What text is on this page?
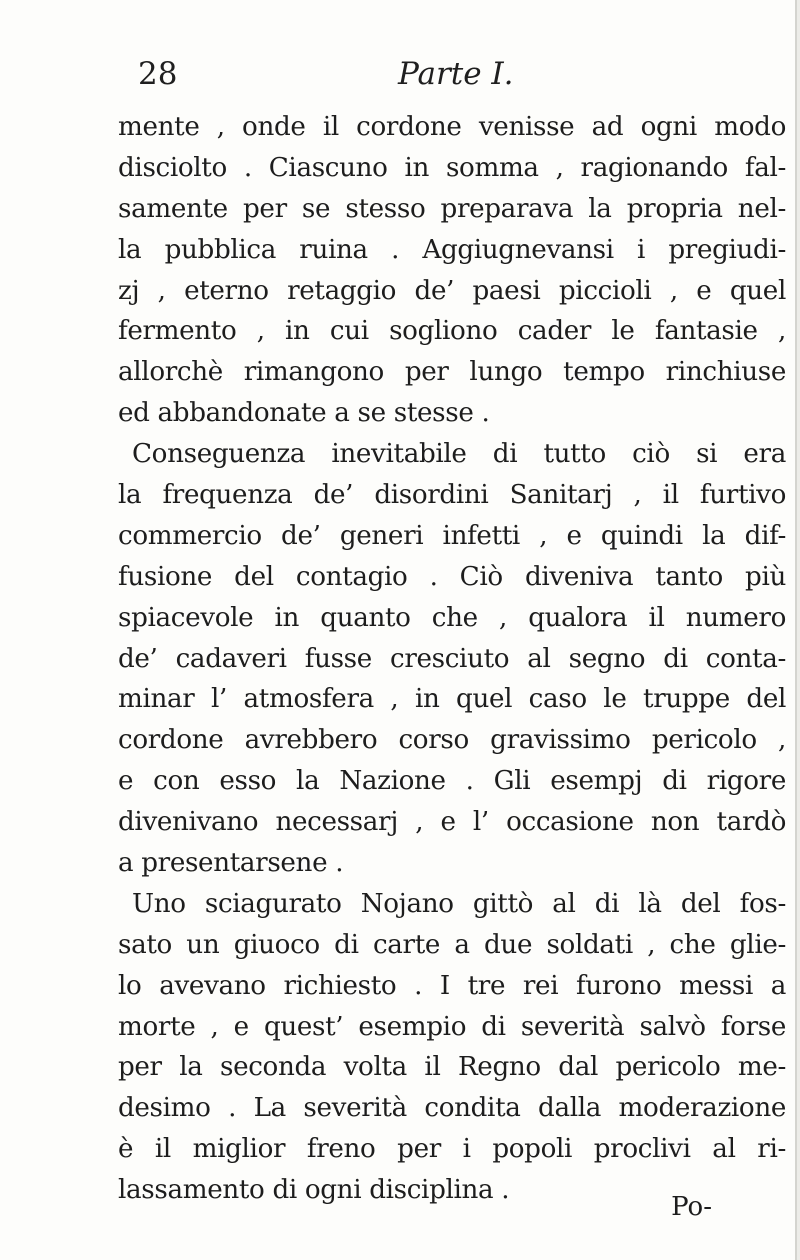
28	Parte I.
mente , onde il cordone venisse ad ogni modo
disciolto . Ciascuno in somma , ragionando fal-
samente per se stesso preparava la propria nel-
la pubblica ruina . Aggiugnevansi i pregiudi-
zj , eterno retaggio de’ paesi piccioli , e quel
fermento , in cui sogliono cader le fantasie ,
allorchè rimangono per lungo tempo rinchiuse
ed abbandonate a se stesse .
Conseguenza inevitabile di tutto ciò si era
la frequenza de’ disordini Sanitarj , il furtivo
commercio de’ generi infetti , e quindi la dif-
fusione del contagio . Ciò diveniva tanto più
spiacevole in quanto che , qualora il numero
de’ cadaveri fusse cresciuto al segno di conta-
minar l’ atmosfera , in quel caso le truppe del
cordone avrebbero corso gravissimo pericolo ,
e con esso la Nazione . Gli esempj di rigore
divenivano necessarj , e l’ occasione non tardò
a presentarsene .
Uno sciagurato Nojano gittò al di là del fos-
sato un giuoco di carte a due soldati , che glie-
lo avevano richiesto . I tre rei furono messi a
morte , e quest’ esempio di severità salvò forse
per la seconda volta il Regno dal pericolo me-
desimo . La severità condita dalla moderazione
è il miglior freno per i popoli proclivi al ri-
lassamento di ogni disciplina .
Po-
